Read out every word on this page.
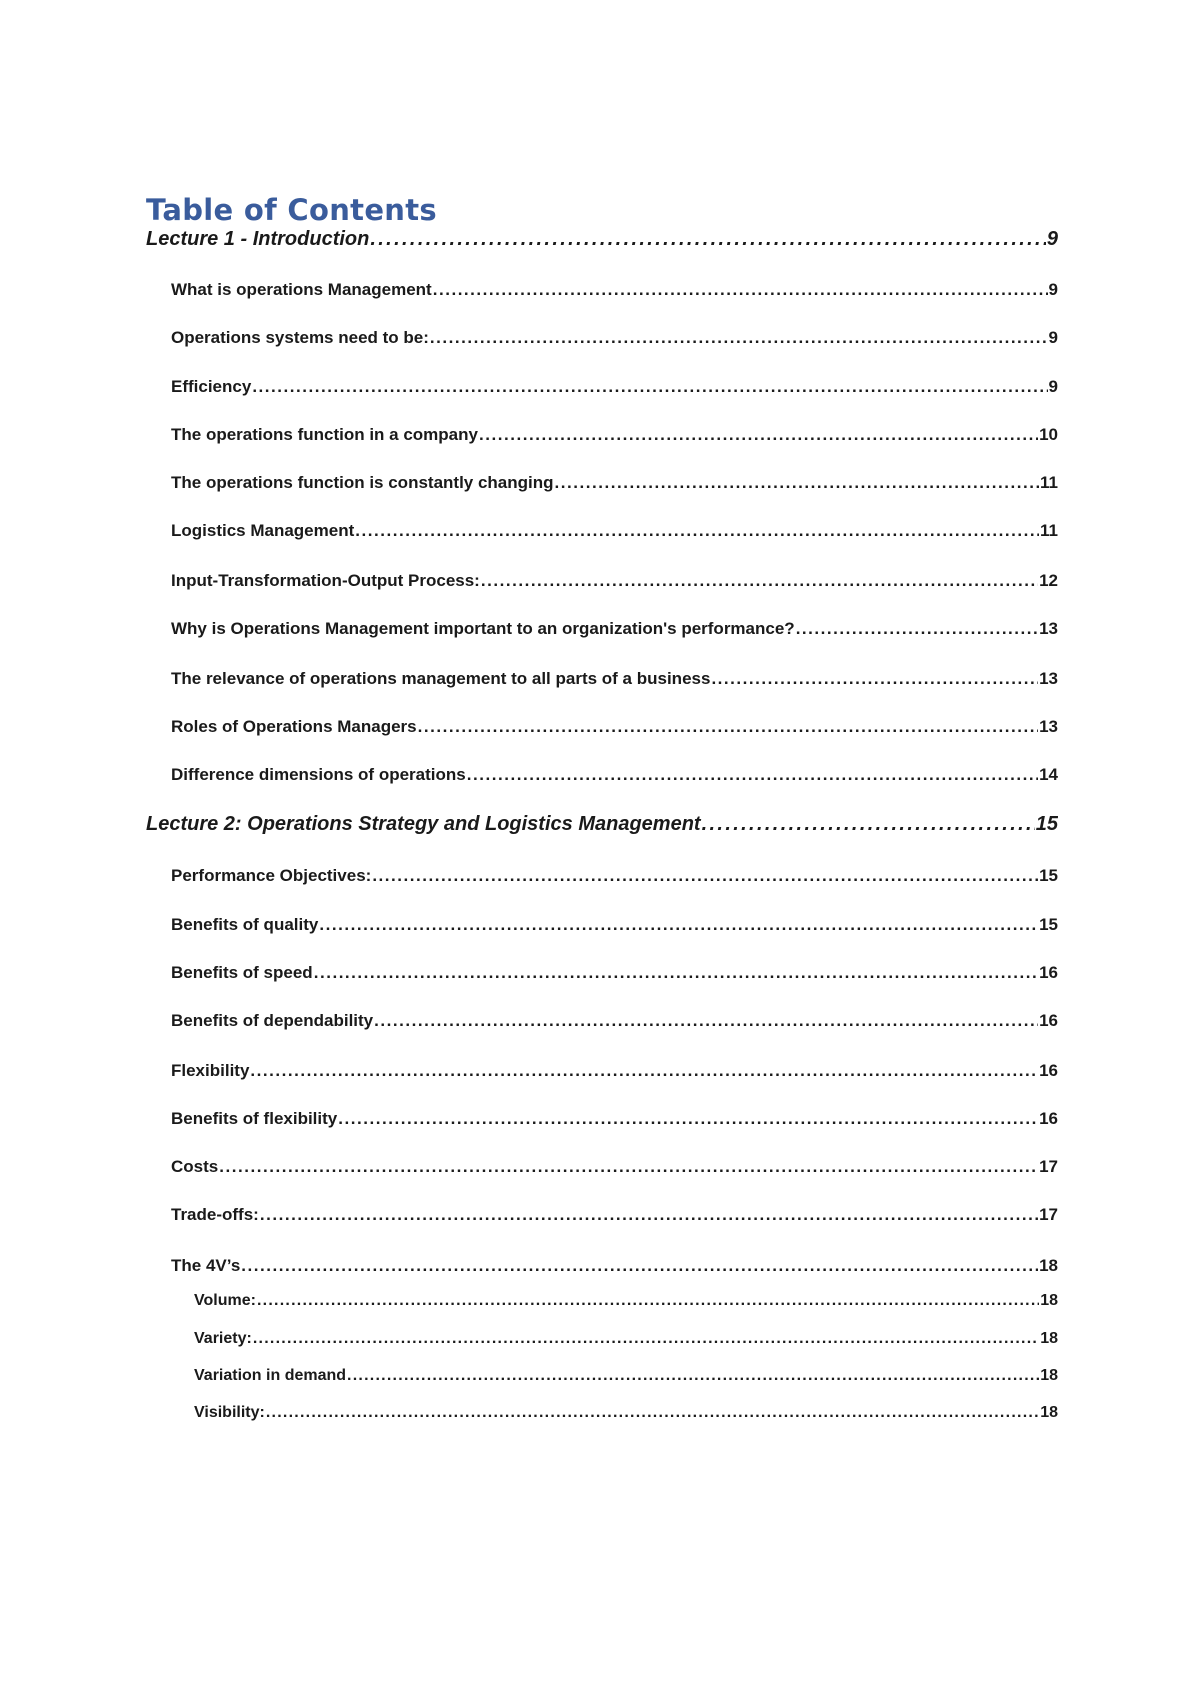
Table of Contents
Lecture 1 - Introduction . . .	9
What is operations Management . . .	9
Operations systems need to be: . . .	9
Efficiency . . .	9
The operations function in a company . . .	10
The operations function is constantly changing . . .	11
Logistics Management . . .	11
Input-Transformation-Output Process: . . .	12
Why is Operations Management important to an organization's performance? . . .	13
The relevance of operations management to all parts of a business . . .	13
Roles of Operations Managers . . .	13
Difference dimensions of operations . . .	14
Lecture 2: Operations Strategy and Logistics Management . . .	15
Performance Objectives: . . .	15
Benefits of quality . . .	15
Benefits of speed . . .	16
Benefits of dependability . . .	16
Flexibility . . .	16
Benefits of flexibility . . .	16
Costs . . .	17
Trade-offs: . . .	17
The 4V’s . . .	18
Volume: . . .	18
Variety: . . .	18
Variation in demand . . .	18
Visibility: . . .	18
